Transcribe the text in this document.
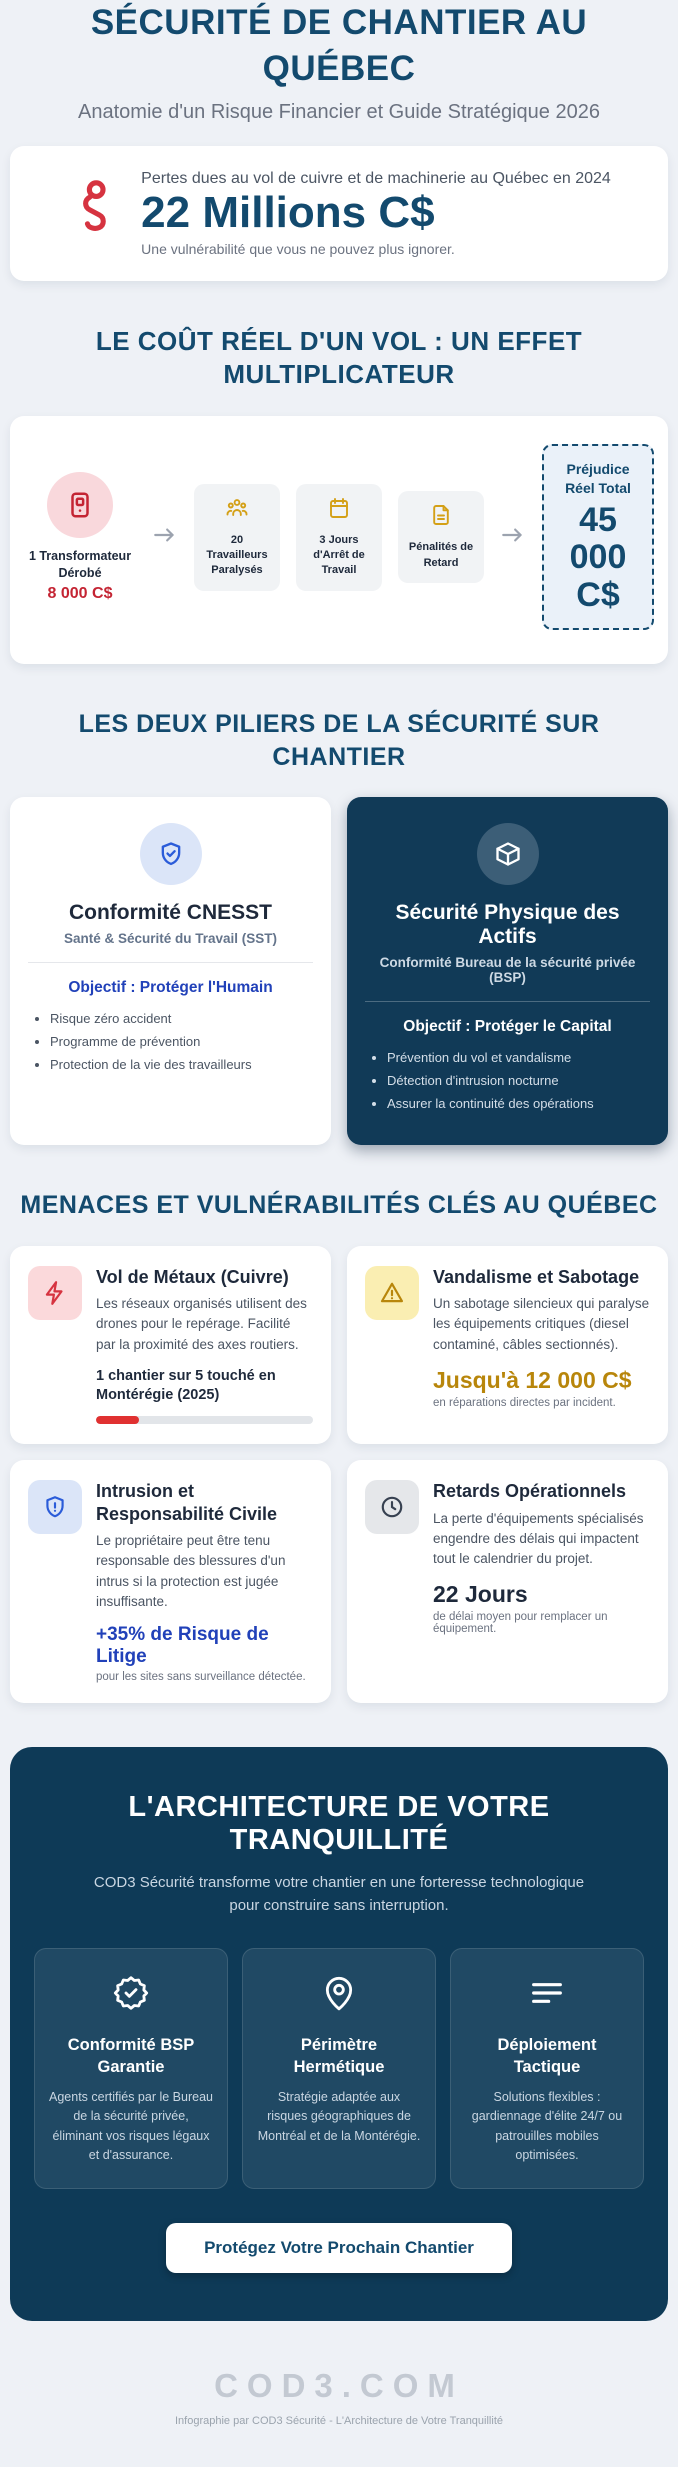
SÉCURITÉ DE CHANTIER AU QUÉBEC
Anatomie d'un Risque Financier et Guide Stratégique 2026
Pertes dues au vol de cuivre et de machinerie au Québec en 2024
22 Millions C$
Une vulnérabilité que vous ne pouvez plus ignorer.
LE COÛT RÉEL D'UN VOL : UN EFFET MULTIPLICATEUR
1 Transformateur Dérobé
8 000 C$
20 Travailleurs Paralysés
3 Jours d'Arrêt de Travail
Pénalités de Retard
Préjudice Réel Total
45 000 C$
LES DEUX PILIERS DE LA SÉCURITÉ SUR CHANTIER
Conformité CNESST
Santé & Sécurité du Travail (SST)
Objectif : Protéger l'Humain
• Risque zéro accident
• Programme de prévention
• Protection de la vie des travailleurs
Sécurité Physique des Actifs
Conformité Bureau de la sécurité privée (BSP)
Objectif : Protéger le Capital
• Prévention du vol et vandalisme
• Détection d'intrusion nocturne
• Assurer la continuité des opérations
MENACES ET VULNÉRABILITÉS CLÉS AU QUÉBEC
Vol de Métaux (Cuivre)
Les réseaux organisés utilisent des drones pour le repérage. Facilité par la proximité des axes routiers.
1 chantier sur 5 touché en Montérégie (2025)
Vandalisme et Sabotage
Un sabotage silencieux qui paralyse les équipements critiques (diesel contaminé, câbles sectionnés).
Jusqu'à 12 000 C$
en réparations directes par incident.
Intrusion et Responsabilité Civile
Le propriétaire peut être tenu responsable des blessures d'un intrus si la protection est jugée insuffisante.
+35% de Risque de Litige
pour les sites sans surveillance détectée.
Retards Opérationnels
La perte d'équipements spécialisés engendre des délais qui impactent tout le calendrier du projet.
22 Jours
de délai moyen pour remplacer un équipement.
L'ARCHITECTURE DE VOTRE TRANQUILLITÉ
COD3 Sécurité transforme votre chantier en une forteresse technologique pour construire sans interruption.
Conformité BSP Garantie
Agents certifiés par le Bureau de la sécurité privée, éliminant vos risques légaux et d'assurance.
Périmètre Hermétique
Stratégie adaptée aux risques géographiques de Montréal et de la Montérégie.
Déploiement Tactique
Solutions flexibles : gardiennage d'élite 24/7 ou patrouilles mobiles optimisées.
Protégez Votre Prochain Chantier
COD3.COM
Infographie par COD3 Sécurité - L'Architecture de Votre Tranquillité
